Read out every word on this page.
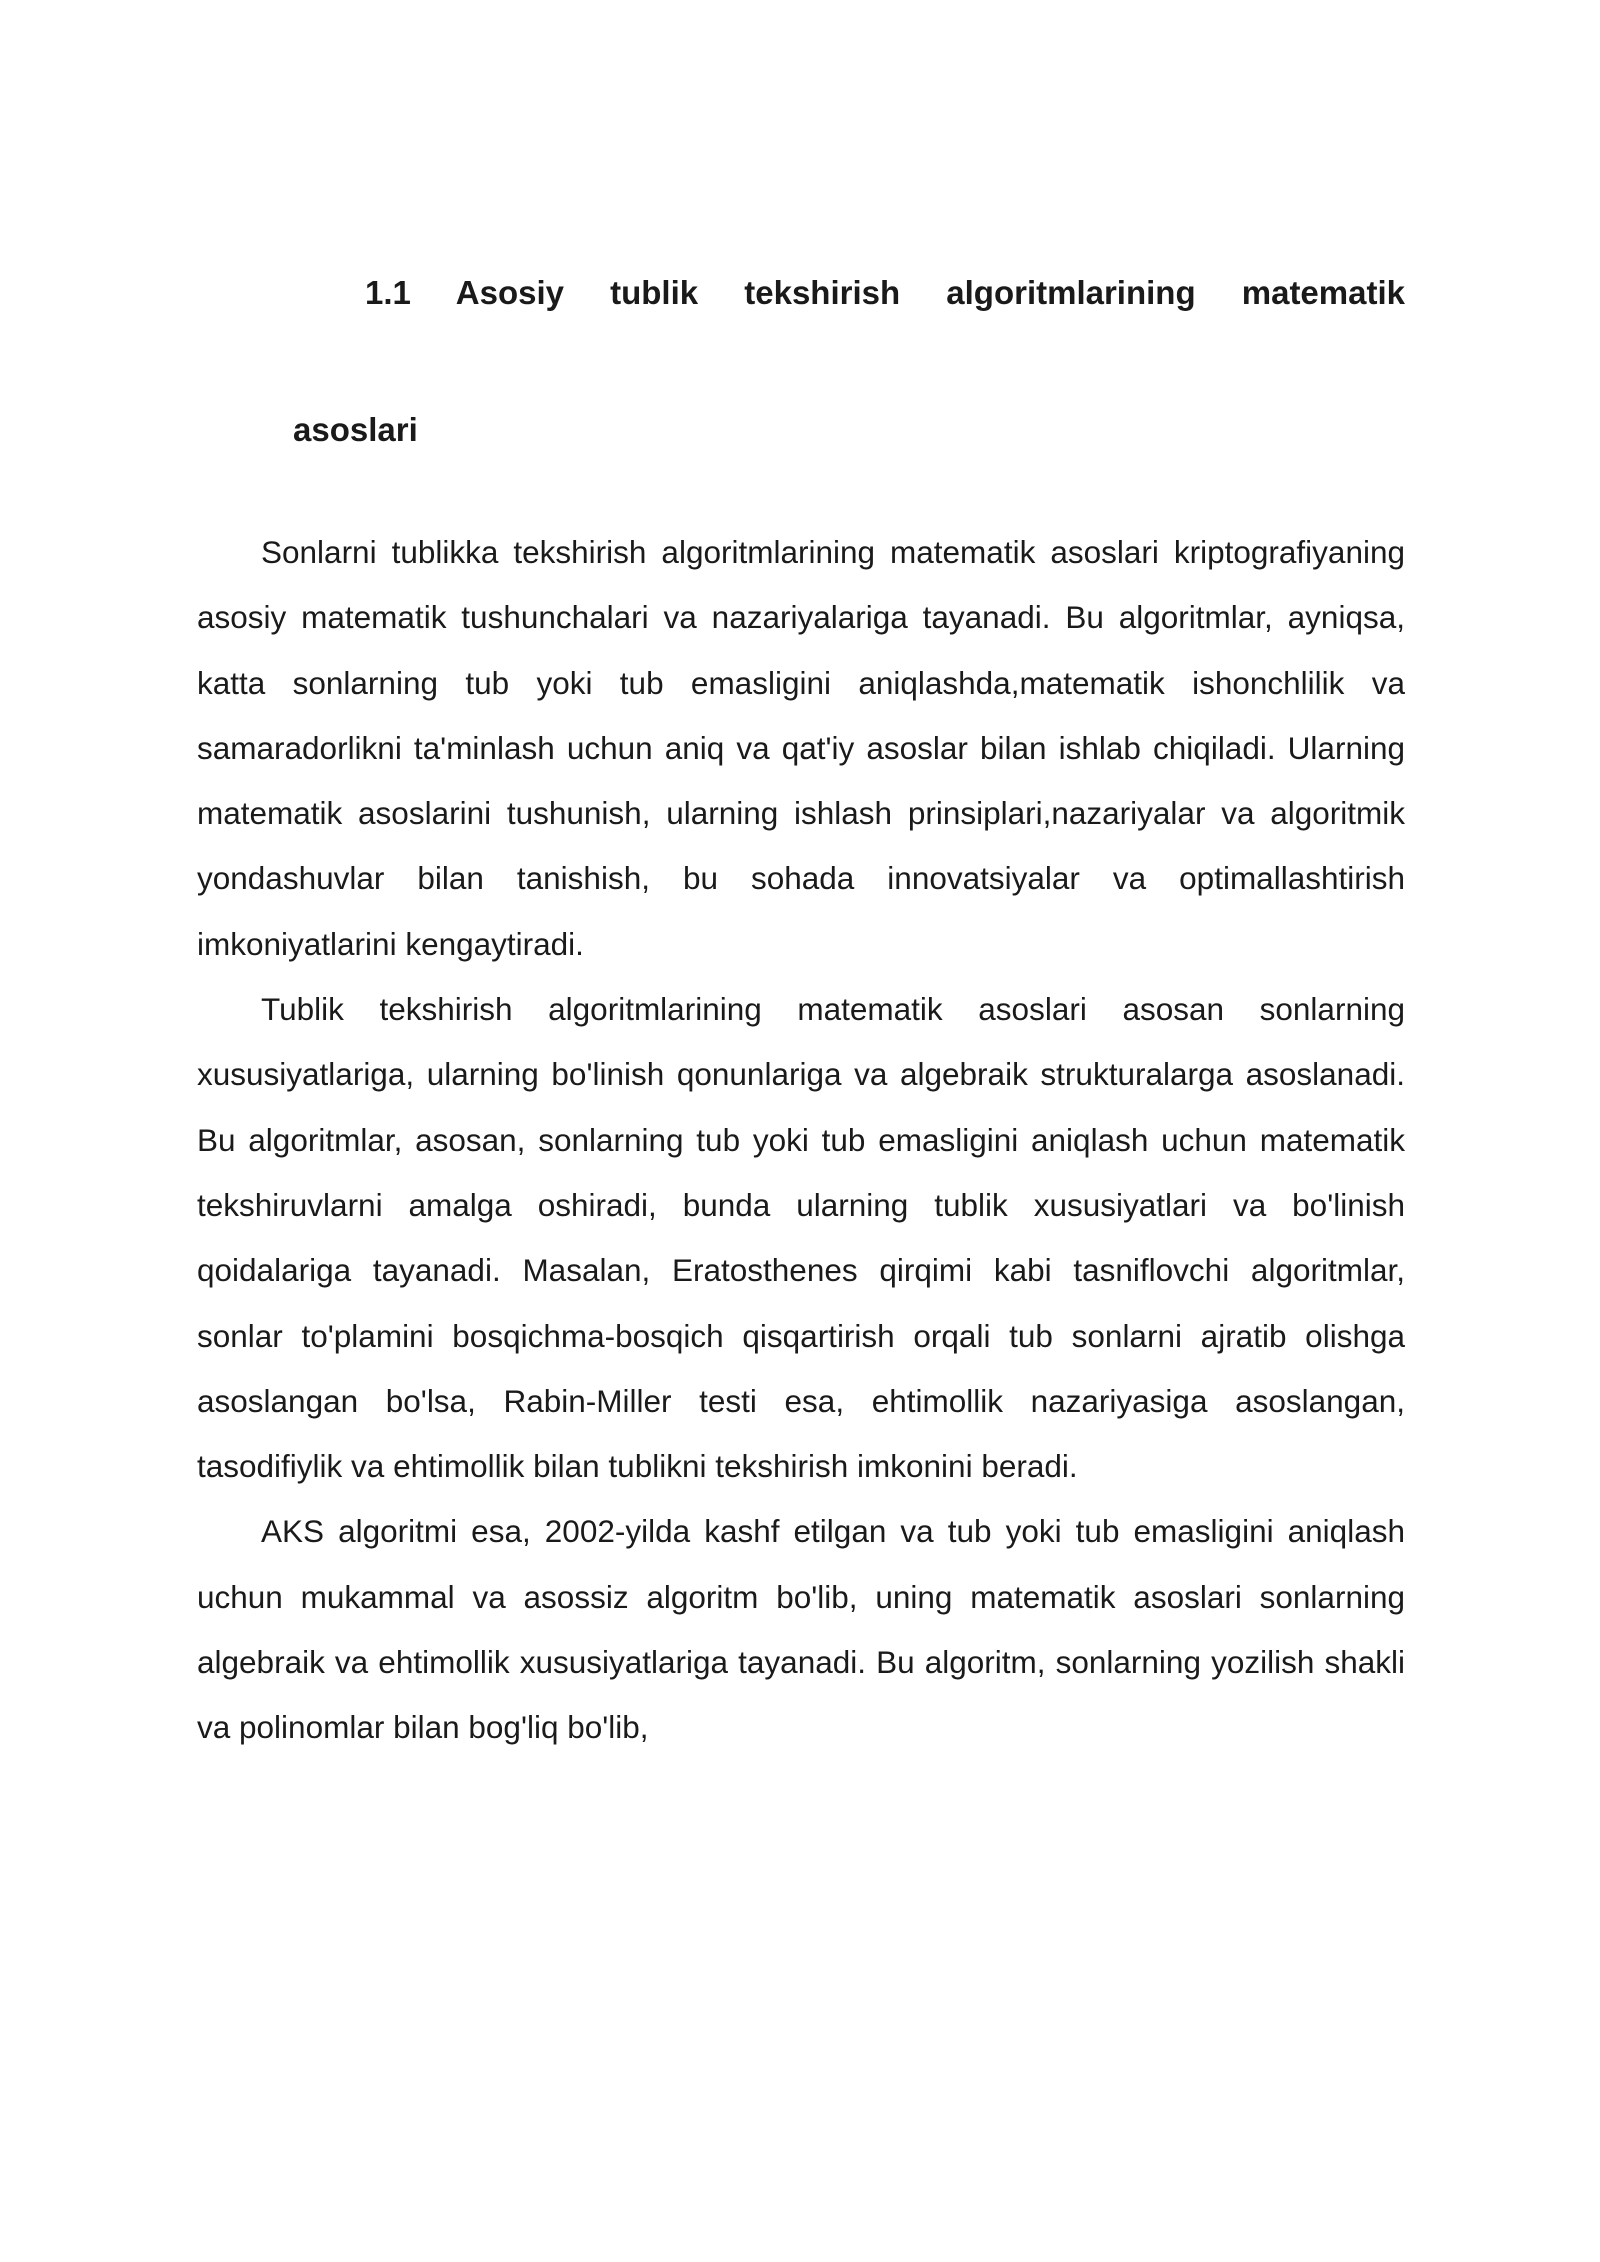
1.1 Asosiy tublik tekshirish algoritmlarining matematik
asoslari

Sonlarni tublikka tekshirish algoritmlarining matematik asoslari kriptografiyaning asosiy matematik tushunchalari va nazariyalariga tayanadi. Bu algoritmlar, ayniqsa, katta sonlarning tub yoki tub emasligini aniqlashda,matematik ishonchlilik va samaradorlikni ta'minlash uchun aniq va qat'iy asoslar bilan ishlab chiqiladi. Ularning matematik asoslarini tushunish, ularning ishlash prinsiplari,nazariyalar va algoritmik yondashuvlar bilan tanishish, bu sohada innovatsiyalar va optimallashtirish imkoniyatlarini kengaytiradi.

Tublik tekshirish algoritmlarining matematik asoslari asosan sonlarning xususiyatlariga, ularning bo'linish qonunlariga va algebraik strukturalarga asoslanadi. Bu algoritmlar, asosan, sonlarning tub yoki tub emasligini aniqlash uchun matematik tekshiruvlarni amalga oshiradi, bunda ularning tublik xususiyatlari va bo'linish qoidalariga tayanadi. Masalan, Eratosthenes qirqimi kabi tasniflovchi algoritmlar, sonlar to'plamini bosqichma-bosqich qisqartirish orqali tub sonlarni ajratib olishga asoslangan bo'lsa, Rabin-Miller testi esa, ehtimollik nazariyasiga asoslangan, tasodifiylik va ehtimollik bilan tublikni tekshirish imkonini beradi.

AKS algoritmi esa, 2002-yilda kashf etilgan va tub yoki tub emasligini aniqlash uchun mukammal va asossiz algoritm bo'lib, uning matematik asoslari sonlarning algebraik va ehtimollik xususiyatlariga tayanadi. Bu algoritm, sonlarning yozilish shakli va polinomlar bilan bog'liq bo'lib,
